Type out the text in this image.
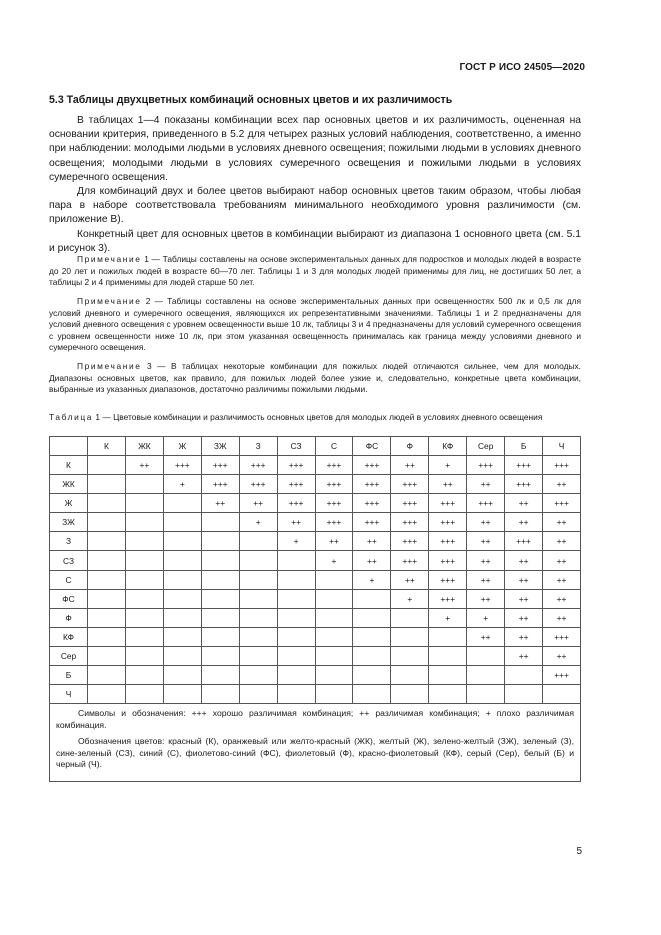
ГОСТ Р ИСО 24505—2020
5.3 Таблицы двухцветных комбинаций основных цветов и их различимость

В таблицах 1—4 показаны комбинации всех пар основных цветов и их различимость, оцененная на основании критерия, приведенного в 5.2 для четырех разных условий наблюдения, соответственно, а именно при наблюдении: молодыми людьми в условиях дневного освещения; пожилыми людьми в условиях дневного освещения; молодыми людьми в условиях сумеречного освещения и пожилыми людьми в условиях сумеречного освещения.

Для комбинаций двух и более цветов выбирают набор основных цветов таким образом, чтобы любая пара в наборе соответствовала требованиям минимального необходимого уровня различимости (см. приложение В).

Конкретный цвет для основных цветов в комбинации выбирают из диапазона 1 основного цвета (см. 5.1 и рисунок 3).

Примечание 1 — Таблицы составлены на основе экспериментальных данных для подростков и молодых людей в возрасте до 20 лет и пожилых людей в возрасте 60—70 лет. Таблицы 1 и 3 для молодых людей применимы для лиц, не достигших 50 лет, а таблицы 2 и 4 применимы для людей старше 50 лет.

Примечание 2 — Таблицы составлены на основе экспериментальных данных при освещенностях 500 лк и 0,5 лк для условий дневного и сумеречного освещения, являющихся их репрезентативными значениями. Таблицы 1 и 2 предназначены для условий дневного освещения с уровнем освещенности выше 10 лк, таблицы 3 и 4 предназначены для условий сумеречного освещения с уровнем освещенности ниже 10 лк, при этом указанная освещенность принималась как граница между условиями дневного и сумеречного освещения.

Примечание 3 — В таблицах некоторые комбинации для пожилых людей отличаются сильнее, чем для молодых. Диапазоны основных цветов, как правило, для пожилых людей более узкие и, следовательно, конкретные цвета комбинации, выбранные из указанных диапазонов, достаточно различимы пожилыми людьми.

Таблица 1 — Цветовые комбинации и различимость основных цветов для молодых людей в условиях дневного освещения
	К	ЖК	Ж	ЗЖ	З	СЗ	С	ФС	Ф	КФ	Сер	Б	Ч
К		++	+++	+++	+++	+++	+++	+++	++	+	+++	+++	+++
ЖК			+	+++	+++	+++	+++	+++	+++	++	++	+++	++
Ж				++	++	+++	+++	+++	+++	+++	+++	++	+++
ЗЖ					+	++	+++	+++	+++	+++	++	++	++
З						+	++	++	+++	+++	++	+++	++
СЗ							+	++	+++	+++	++	++	++
С								+	++	+++	++	++	++
ФС									+	+++	++	++	++
Ф										+	+	++	++
КФ											++	++	+++
Сер												++	++
Б													+++
Ч													

Символы и обозначения: +++ хорошо различимая комбинация; ++ различимая комбинация; + плохо различимая комбинация.

Обозначения цветов: красный (К), оранжевый или желто-красный (ЖК), желтый (Ж), зелено-желтый (ЗЖ), зеленый (З), сине-зеленый (СЗ), синий (С), фиолетово-синий (ФС), фиолетовый (Ф), красно-фиолетовый (КФ), серый (Сер), белый (Б) и черный (Ч).													

5
